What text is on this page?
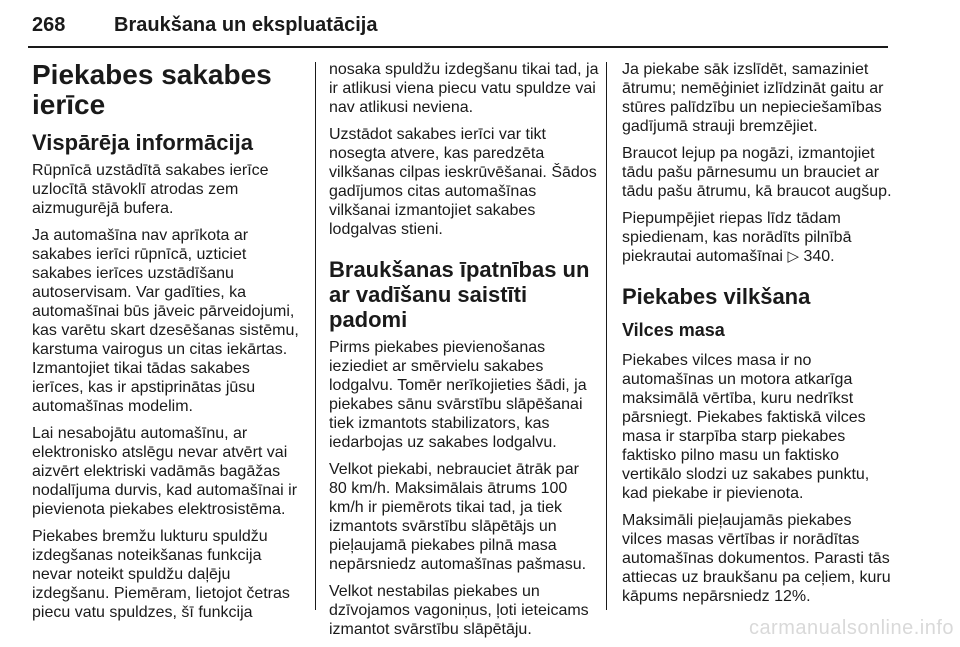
268 Braukšana un ekspluatācija
Piekabes sakabes ierīce
Vispārēja informācija

Rūpnīcā uzstādītā sakabes ierīce uzlocītā stāvoklī atrodas zem aizmugurējā bufera.

Ja automašīna nav aprīkota ar sakabes ierīci rūpnīcā, uzticiet sakabes ierīces uzstādīšanu autoservisam. Var gadīties, ka automašīnai būs jāveic pārveidojumi, kas varētu skart dzesēšanas sistēmu, karstuma vairogus un citas iekārtas. Izmantojiet tikai tādas sakabes ierīces, kas ir apstiprinātas jūsu automašīnas modelim.

Lai nesabojātu automašīnu, ar elektronisko atslēgu nevar atvērt vai aizvērt elektriski vadāmās bagāžas nodalījuma durvis, kad automašīnai ir pievienota piekabes elektrosistēma.

Piekabes bremžu lukturu spuldžu izdegšanas noteikšanas funkcija nevar noteikt spuldžu daļēju izdegšanu. Piemēram, lietojot četras piecu vatu spuldzes, šī funkcija

nosaka spuldžu izdegšanu tikai tad, ja ir atlikusi viena piecu vatu spuldze vai nav atlikusi neviena.

Uzstādot sakabes ierīci var tikt nosegta atvere, kas paredzēta vilkšanas cilpas ieskrūvēšanai. Šādos gadījumos citas automašīnas vilkšanai izmantojiet sakabes lodgalvas stieni.

Braukšanas īpatnības un ar vadīšanu saistīti padomi

Pirms piekabes pievienošanas ieziediet ar smērvielu sakabes lodgalvu. Tomēr nerīkojieties šādi, ja piekabes sānu svārstību slāpēšanai tiek izmantots stabilizators, kas iedarbojas uz sakabes lodgalvu.

Velkot piekabi, nebrauciet ātrāk par 80 km/h. Maksimālais ātrums 100 km/h ir piemērots tikai tad, ja tiek izmantots svārstību slāpētājs un pieļaujamā piekabes pilnā masa nepārsniedz automašīnas pašmasu.

Velkot nestabilas piekabes un dzīvojamos vagoniņus, ļoti ieteicams izmantot svārstību slāpētāju.

Ja piekabe sāk izslīdēt, samaziniet ātrumu; nemēģiniet izlīdzināt gaitu ar stūres palīdzību un nepieciešamības gadījumā strauji bremzējiet.

Braucot lejup pa nogāzi, izmantojiet tādu pašu pārnesumu un brauciet ar tādu pašu ātrumu, kā braucot augšup.

Piepumpējiet riepas līdz tādam spiedienam, kas norādīts pilnībā piekrautai automašīnai ▷ 340.

Piekabes vilkšana
Vilces masa

Piekabes vilces masa ir no automašīnas un motora atkarīga maksimālā vērtība, kuru nedrīkst pārsniegt. Piekabes faktiskā vilces masa ir starpība starp piekabes faktisko pilno masu un faktisko vertikālo slodzi uz sakabes punktu, kad piekabe ir pievienota.

Maksimāli pieļaujamās piekabes vilces masas vērtības ir norādītas automašīnas dokumentos. Parasti tās attiecas uz braukšanu pa ceļiem, kuru kāpums nepārsniedz 12%.

carmanualsonline.info
